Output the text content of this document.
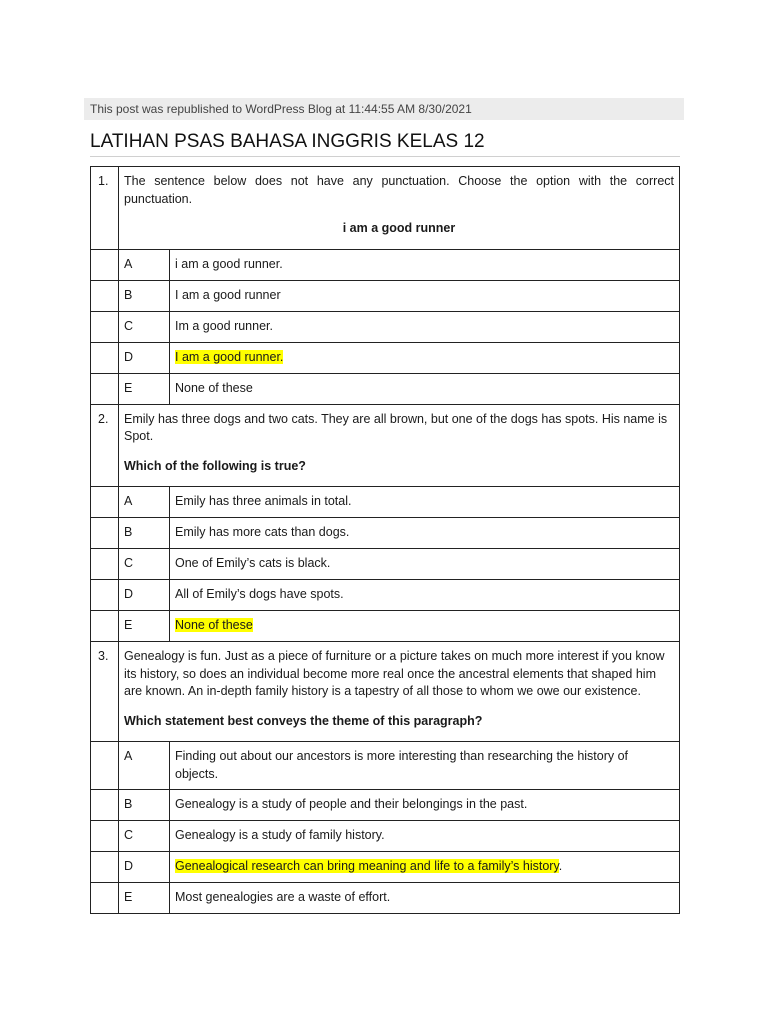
This post was republished to WordPress Blog at 11:44:55 AM 8/30/2021
LATIHAN PSAS BAHASA INGGRIS KELAS 12
1.	The sentence below does not have any punctuation. Choose the option with the correct punctuation.

i am a good runner	

	A	i am a good runner.
	B	I am a good runner
	C	Im a good runner.
	D	I am a good runner.
	E	None of these
2.	Emily has three dogs and two cats. They are all brown, but one of the dogs has spots. His name is Spot.

Which of the following is true?	

	A	Emily has three animals in total.
	B	Emily has more cats than dogs.
	C	One of Emily’s cats is black.
	D	All of Emily’s dogs have spots.
	E	None of these
3.	Genealogy is fun. Just as a piece of furniture or a picture takes on much more interest if you know its history, so does an individual become more real once the ancestral elements that shaped him are known. An in-depth family history is a tapestry of all those to whom we owe our existence.

Which statement best conveys the theme of this paragraph?	

	A	Finding out about our ancestors is more interesting than researching the history of objects.
	B	Genealogy is a study of people and their belongings in the past.
	C	Genealogy is a study of family history.
	D	Genealogical research can bring meaning and life to a family’s history.
	E	Most genealogies are a waste of effort.
